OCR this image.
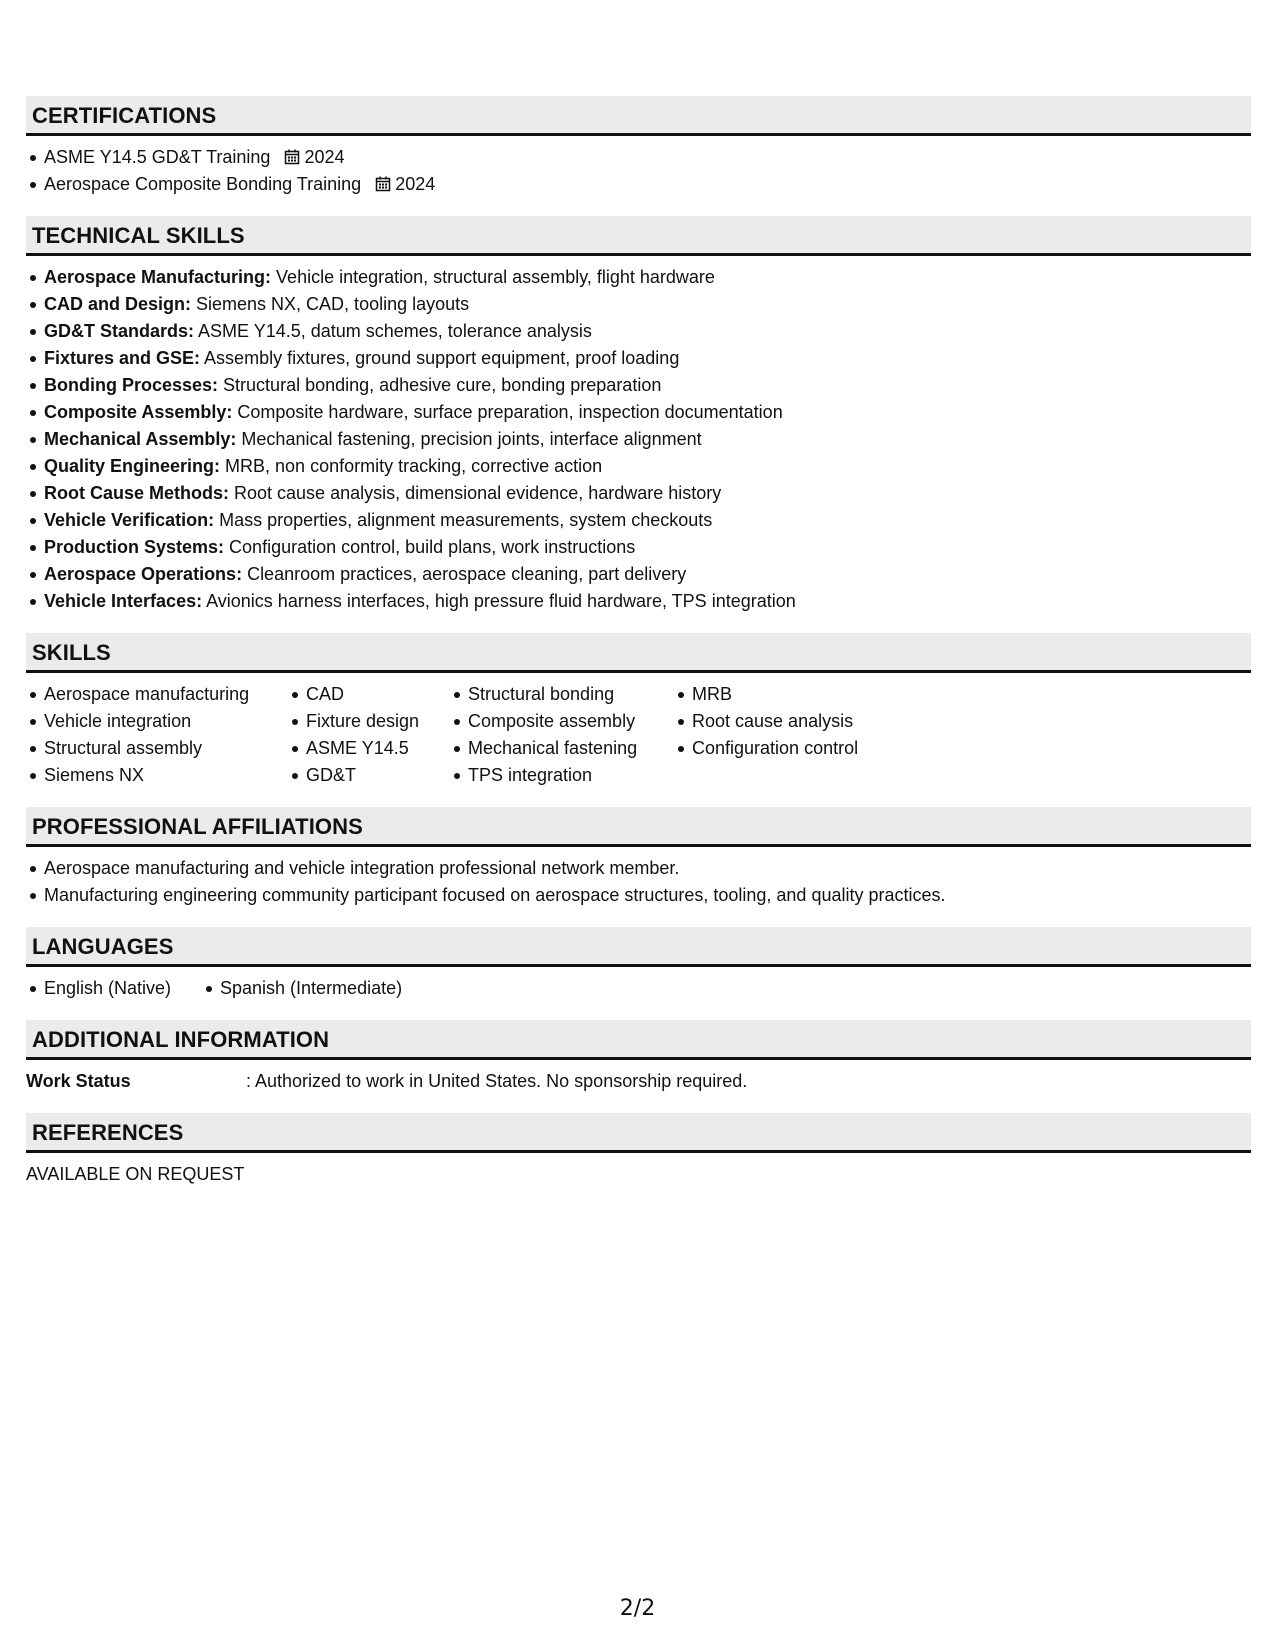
CERTIFICATIONS
ASME Y14.5 GD&T Training 2024
Aerospace Composite Bonding Training 2024
TECHNICAL SKILLS
Aerospace Manufacturing: Vehicle integration, structural assembly, flight hardware
CAD and Design: Siemens NX, CAD, tooling layouts
GD&T Standards: ASME Y14.5, datum schemes, tolerance analysis
Fixtures and GSE: Assembly fixtures, ground support equipment, proof loading
Bonding Processes: Structural bonding, adhesive cure, bonding preparation
Composite Assembly: Composite hardware, surface preparation, inspection documentation
Mechanical Assembly: Mechanical fastening, precision joints, interface alignment
Quality Engineering: MRB, non conformity tracking, corrective action
Root Cause Methods: Root cause analysis, dimensional evidence, hardware history
Vehicle Verification: Mass properties, alignment measurements, system checkouts
Production Systems: Configuration control, build plans, work instructions
Aerospace Operations: Cleanroom practices, aerospace cleaning, part delivery
Vehicle Interfaces: Avionics harness interfaces, high pressure fluid hardware, TPS integration
SKILLS
Aerospace manufacturing
Vehicle integration
Structural assembly
Siemens NX
CAD
Fixture design
ASME Y14.5
GD&T
Structural bonding
Composite assembly
Mechanical fastening
TPS integration
MRB
Root cause analysis
Configuration control
PROFESSIONAL AFFILIATIONS
Aerospace manufacturing and vehicle integration professional network member.
Manufacturing engineering community participant focused on aerospace structures, tooling, and quality practices.
LANGUAGES
English (Native)	Spanish (Intermediate)
ADDITIONAL INFORMATION
Work Status	: Authorized to work in United States. No sponsorship required.
REFERENCES
AVAILABLE ON REQUEST
2/2
